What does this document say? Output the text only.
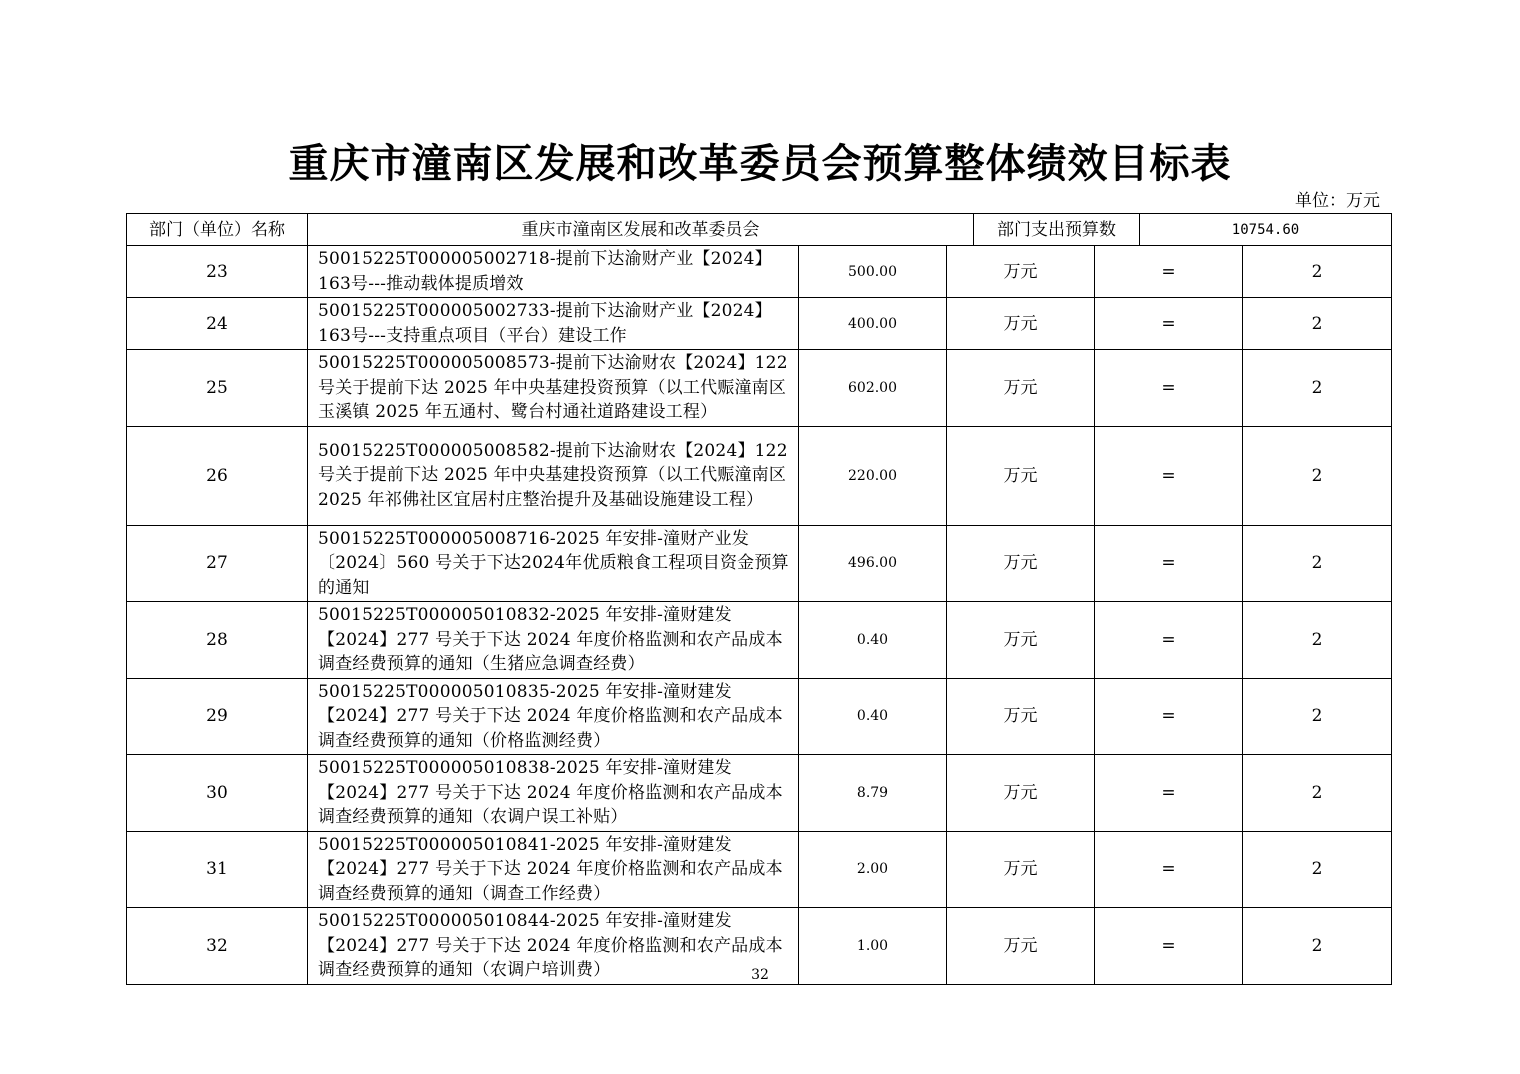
重庆市潼南区发展和改革委员会预算整体绩效目标表
单位：万元
部门（单位）名称	重庆市潼南区发展和改革委员会	部门支出预算数	10754.60
23	50015225T000005002718-提前下达渝财产业【2024】163号---推动载体提质增效	500.00	万元	=	2
24	50015225T000005002733-提前下达渝财产业【2024】163号---支持重点项目（平台）建设工作	400.00	万元	=	2
25	50015225T000005008573-提前下达渝财农【2024】122 号关于提前下达 2025 年中央基建投资预算（以工代赈潼南区玉溪镇 2025 年五通村、鹭台村通社道路建设工程）	602.00	万元	=	2
26	50015225T000005008582-提前下达渝财农【2024】122 号关于提前下达 2025 年中央基建投资预算（以工代赈潼南区 2025 年祁佛社区宜居村庄整治提升及基础设施建设工程）	220.00	万元	=	2
27	50015225T000005008716-2025 年安排-潼财产业发〔2024〕560 号关于下达2024年优质粮食工程项目资金预算的通知	496.00	万元	=	2
28	50015225T000005010832-2025 年安排-潼财建发【2024】277 号关于下达 2024 年度价格监测和农产品成本调查经费预算的通知（生猪应急调查经费）	0.40	万元	=	2
29	50015225T000005010835-2025 年安排-潼财建发【2024】277 号关于下达 2024 年度价格监测和农产品成本调查经费预算的通知（价格监测经费）	0.40	万元	=	2
30	50015225T000005010838-2025 年安排-潼财建发【2024】277 号关于下达 2024 年度价格监测和农产品成本调查经费预算的通知（农调户误工补贴）	8.79	万元	=	2
31	50015225T000005010841-2025 年安排-潼财建发【2024】277 号关于下达 2024 年度价格监测和农产品成本调查经费预算的通知（调查工作经费）	2.00	万元	=	2
32	50015225T000005010844-2025 年安排-潼财建发【2024】277 号关于下达 2024 年度价格监测和农产品成本调查经费预算的通知（农调户培训费）	1.00	万元	=	2
32
